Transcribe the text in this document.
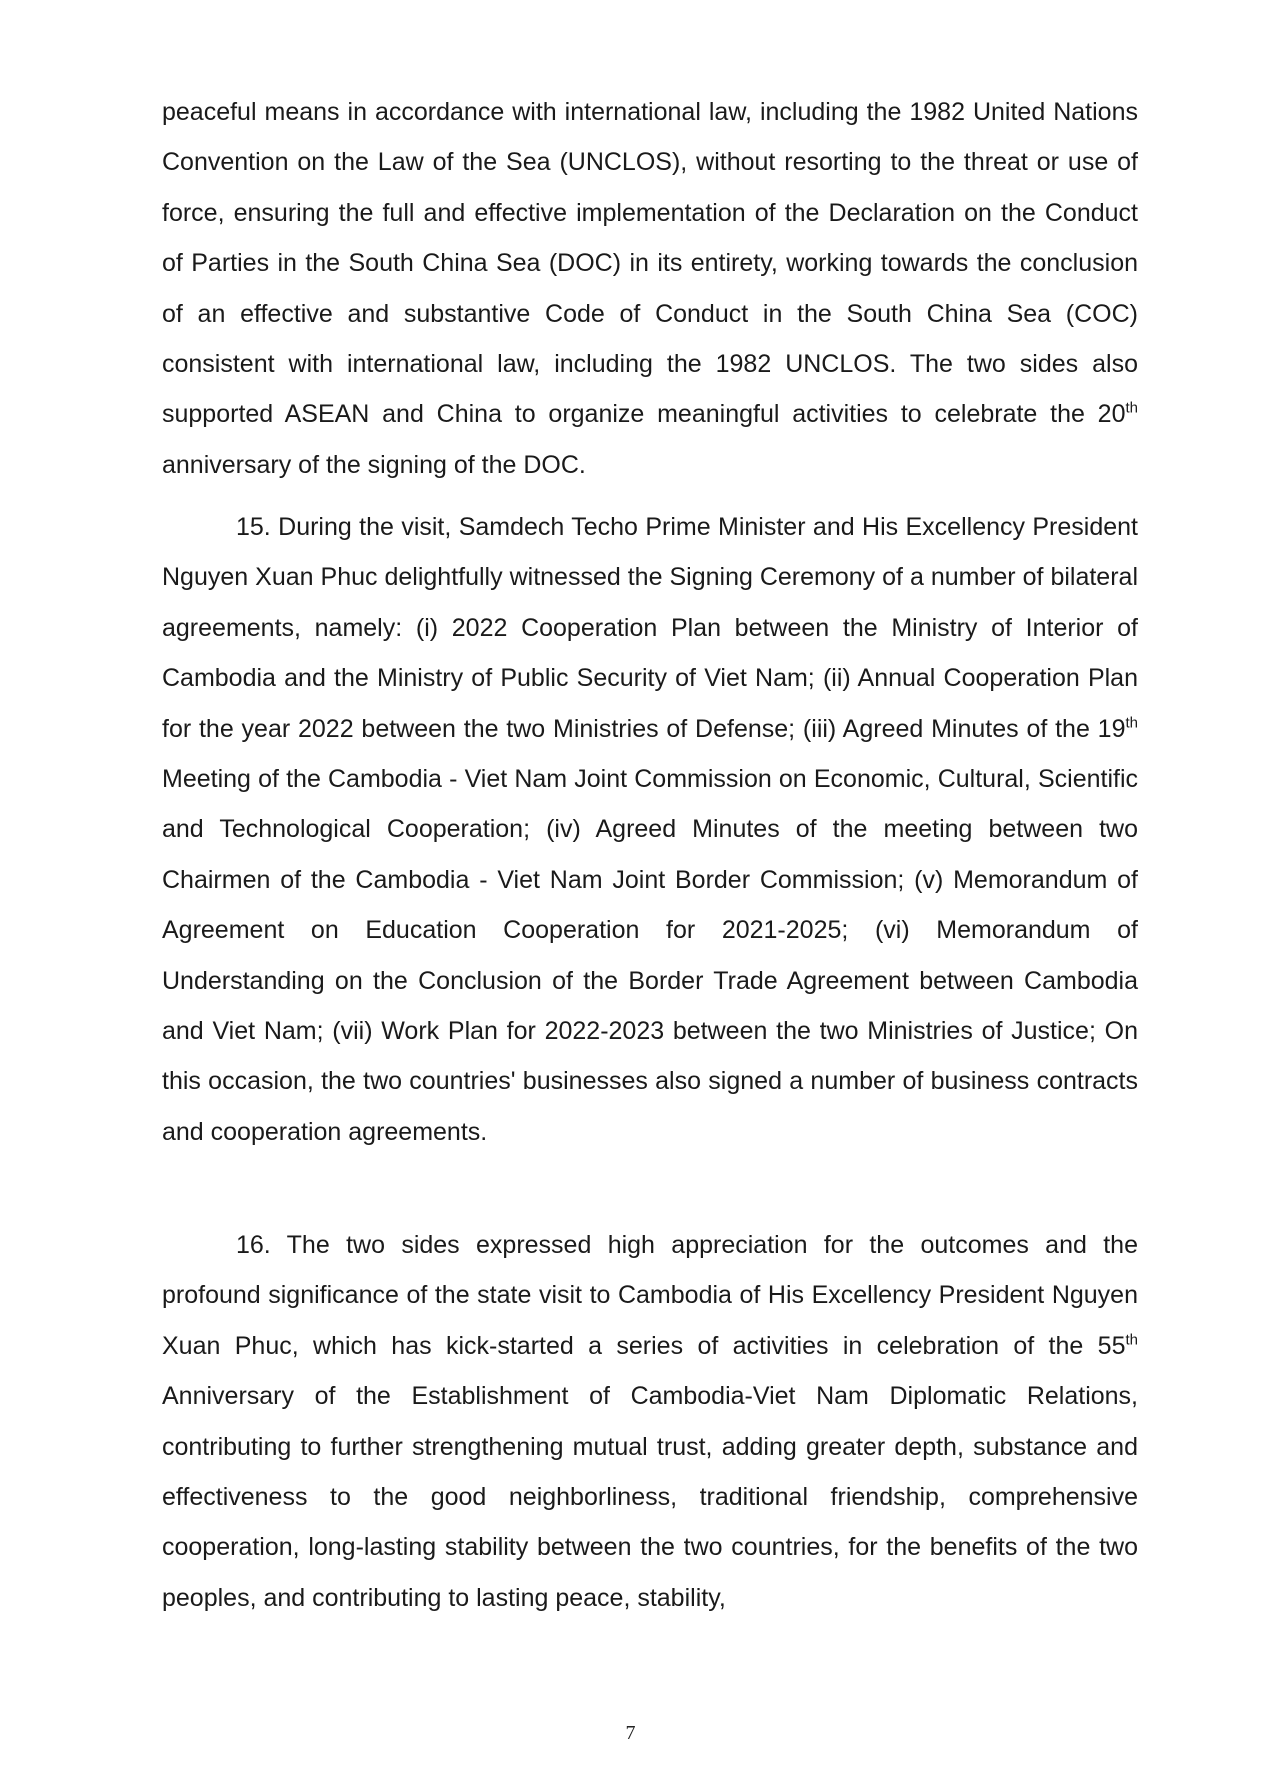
peaceful means in accordance with international law, including the 1982 United Nations Convention on the Law of the Sea (UNCLOS), without resorting to the threat or use of force, ensuring the full and effective implementation of the Declaration on the Conduct of Parties in the South China Sea (DOC) in its entirety, working towards the conclusion of an effective and substantive Code of Conduct in the South China Sea (COC) consistent with international law, including the 1982 UNCLOS. The two sides also supported ASEAN and China to organize meaningful activities to celebrate the 20th anniversary of the signing of the DOC.

15. During the visit, Samdech Techo Prime Minister and His Excellency President Nguyen Xuan Phuc delightfully witnessed the Signing Ceremony of a number of bilateral agreements, namely: (i) 2022 Cooperation Plan between the Ministry of Interior of Cambodia and the Ministry of Public Security of Viet Nam; (ii) Annual Cooperation Plan for the year 2022 between the two Ministries of Defense; (iii) Agreed Minutes of the 19th Meeting of the Cambodia - Viet Nam Joint Commission on Economic, Cultural, Scientific and Technological Cooperation; (iv) Agreed Minutes of the meeting between two Chairmen of the Cambodia - Viet Nam Joint Border Commission; (v) Memorandum of Agreement on Education Cooperation for 2021-2025; (vi) Memorandum of Understanding on the Conclusion of the Border Trade Agreement between Cambodia and Viet Nam; (vii) Work Plan for 2022-2023 between the two Ministries of Justice; On this occasion, the two countries' businesses also signed a number of business contracts and cooperation agreements.

16. The two sides expressed high appreciation for the outcomes and the profound significance of the state visit to Cambodia of His Excellency President Nguyen Xuan Phuc, which has kick-started a series of activities in celebration of the 55th Anniversary of the Establishment of Cambodia-Viet Nam Diplomatic Relations, contributing to further strengthening mutual trust, adding greater depth, substance and effectiveness to the good neighborliness, traditional friendship, comprehensive cooperation, long-lasting stability between the two countries, for the benefits of the two peoples, and contributing to lasting peace, stability,

7
